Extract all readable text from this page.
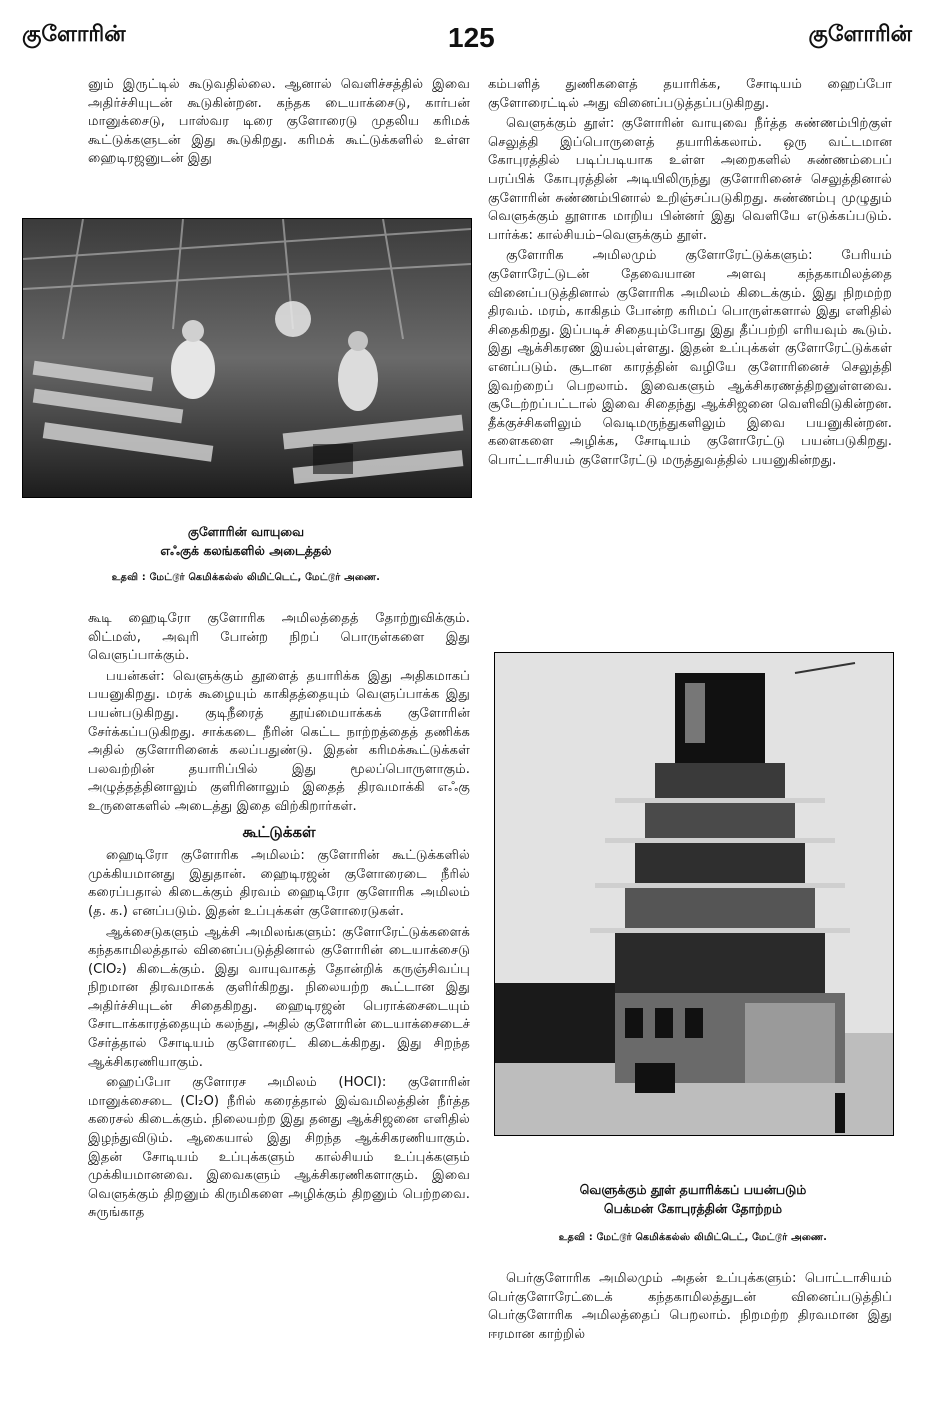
குளோரின்	125	குளோரின்

னும் இருட்டில் கூடுவதில்லை. ஆனால் வெளிச்சத்தில் இவை அதிர்ச்சியுடன் கூடுகின்றன. கந்தக டையாக்சைடு, கார்பன் மானுக்சைடு, பாஸ்வர டிரை குளோரைடு முதலிய கரிமக் கூட்டுக்களுடன் இது கூடுகிறது. கரிமக் கூட்டுக்களில் உள்ள ஹைடிரஜனுடன் இது

குளோரின் வாயுவை
எஃகுக் கலங்களில் அடைத்தல்
உதவி : மேட்டூர் கெமிக்கல்ஸ் லிமிட்டெட், மேட்டூர் அணை.

கூடி ஹைடிரோ குளோரிக அமிலத்தைத் தோற்றுவிக்கும். லிட்மஸ், அவுரி போன்ற நிறப் பொருள்களை இது வெளுப்பாக்கும்.

பயன்கள்: வெளுக்கும் தூளைத் தயாரிக்க இது அதிகமாகப் பயனுகிறது. மரக் கூழையும் காகிதத்தையும் வெளுப்பாக்க இது பயன்படுகிறது. குடிநீரைத் தூய்மையாக்கக் குளோரின் சேர்க்கப்படுகிறது. சாக்கடை நீரின் கெட்ட நாற்றத்தைத் தணிக்க அதில் குளோரினைக் கலப்பதுண்டு. இதன் கரிமக்கூட்டுக்கள் பலவற்றின் தயாரிப்பில் இது மூலப்பொருளாகும். அழுத்தத்தினாலும் குளிரினாலும் இதைத் திரவமாக்கி எஃகு உருளைகளில் அடைத்து இதை விற்கிறார்கள்.

கூட்டுக்கள்

ஹைடிரோ குளோரிக அமிலம்: குளோரின் கூட்டுக்களில் முக்கியமானது இதுதான். ஹைடிரஜன் குளோரைடை நீரில் கரைப்பதால் கிடைக்கும் திரவம் ஹைடிரோ குளோரிக அமிலம் (த. க.) எனப்படும். இதன் உப்புக்கள் குளோரைடுகள்.

ஆக்சைடுகளும் ஆக்சி அமிலங்களும்: குளோரேட்டுக்களைக் கந்தகாமிலத்தால் வினைப்படுத்தினால் குளோரின் டையாக்சைடு (ClO₂) கிடைக்கும். இது வாயுவாகத் தோன்றிக் கருஞ்சிவப்பு நிறமான திரவமாகக் குளிர்கிறது. நிலையற்ற கூட்டான இது அதிர்ச்சியுடன் சிதைகிறது. ஹைடிரஜன் பெராக்சைடையும் சோடாக்காரத்தையும் கலந்து, அதில் குளோரின் டையாக்சைடைச் சேர்த்தால் சோடியம் குளோரைட் கிடைக்கிறது. இது சிறந்த ஆக்சிகரணியாகும்.

ஹைப்போ குளோரச அமிலம் (HOCl): குளோரின் மானுக்சைடை (Cl₂O) நீரில் கரைத்தால் இவ்வமிலத்தின் நீர்த்த கரைசல் கிடைக்கும். நிலையற்ற இது தனது ஆக்சிஜனை எளிதில் இழந்துவிடும். ஆகையால் இது சிறந்த ஆக்சிகரணியாகும். இதன் சோடியம் உப்புக்களும் கால்சியம் உப்புக்களும் முக்கியமானவை. இவைகளும் ஆக்சிகரணிகளாகும். இவை வெளுக்கும் திறனும் கிருமிகளை அழிக்கும் திறனும் பெற்றவை. சுருங்காத

கம்பளித் துணிகளைத் தயாரிக்க, சோடியம் ஹைப்போ குளோரைட்டில் அது வினைப்படுத்தப்படுகிறது.

வெளுக்கும் தூள்: குளோரின் வாயுவை நீர்த்த சுண்ணம்பிற்குள் செலுத்தி இப்பொருளைத் தயாரிக்கலாம். ஒரு வட்டமான கோபுரத்தில் படிப்படியாக உள்ள அறைகளில் சுண்ணம்பைப் பரப்பிக் கோபுரத்தின் அடியிலிருந்து குளோரினைச் செலுத்தினால் குளோரின் சுண்ணம்பினால் உறிஞ்சப்படுகிறது. சுண்ணம்பு முழுதும் வெளுக்கும் தூளாக மாறிய பின்னர் இது வெளியே எடுக்கப்படும். பார்க்க: கால்சியம்–வெளுக்கும் தூள்.

குளோரிக அமிலமும் குளோரேட்டுக்களும்: பேரியம் குளோரேட்டுடன் தேவையான அளவு கந்தகாமிலத்தை வினைப்படுத்தினால் குளோரிக அமிலம் கிடைக்கும். இது நிறமற்ற திரவம். மரம், காகிதம் போன்ற கரிமப் பொருள்களால் இது எளிதில் சிதைகிறது. இப்படிச் சிதையும்போது இது தீப்பற்றி எரியவும் கூடும். இது ஆக்சிகரண இயல்புள்ளது. இதன் உப்புக்கள் குளோரேட்டுக்கள் எனப்படும். சூடான காரத்தின் வழியே குளோரினைச் செலுத்தி இவற்றைப் பெறலாம். இவைகளும் ஆக்சிகரணத்திறனுள்ளவை. சூடேற்றப்பட்டால் இவை சிதைந்து ஆக்சிஜனை வெளிவிடுகின்றன. தீக்குச்சிகளிலும் வெடிமருந்துகளிலும் இவை பயனுகின்றன. களைகளை அழிக்க, சோடியம் குளோரேட்டு பயன்படுகிறது. பொட்டாசியம் குளோரேட்டு மருத்துவத்தில் பயனுகின்றது.

வெளுக்கும் தூள் தயாரிக்கப் பயன்படும்
பெக்மன் கோபுரத்தின் தோற்றம்
உதவி : மேட்டூர் கெமிக்கல்ஸ் லிமிட்டெட், மேட்டூர் அணை.

பெர்குளோரிக அமிலமும் அதன் உப்புக்களும்: பொட்டாசியம் பெர்குளோரேட்டைக் கந்தகாமிலத்துடன் வினைப்படுத்திப் பெர்குளோரிக அமிலத்தைப் பெறலாம். நிறமற்ற திரவமான இது ஈரமான காற்றில்
